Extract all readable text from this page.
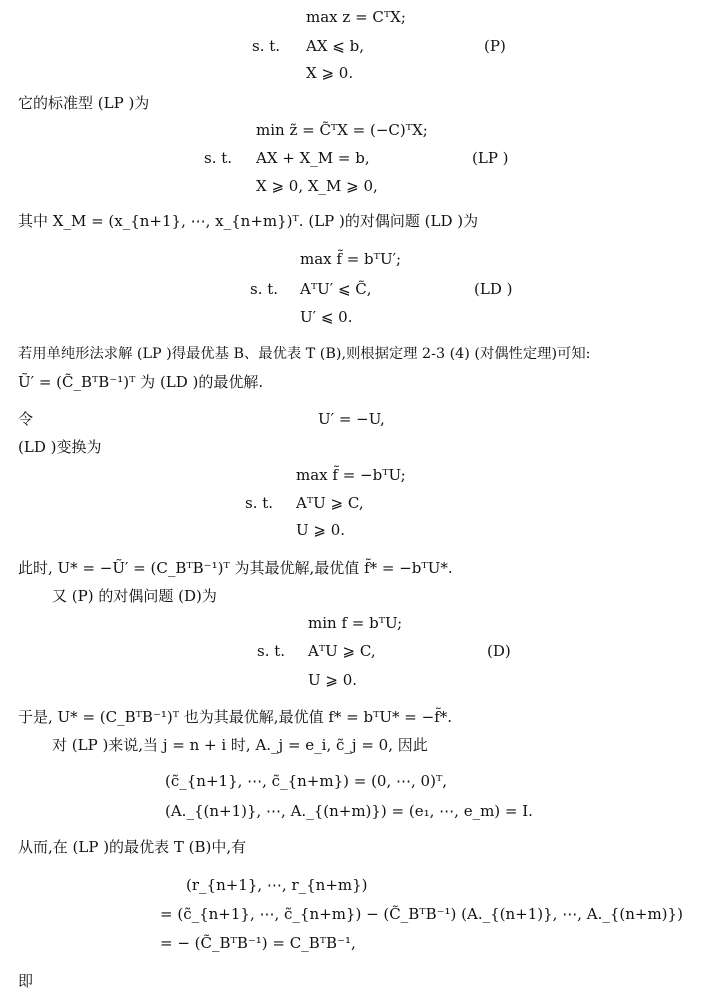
max z = CᵀX;
s. t. AX ⩽ b,	(P)
X ⩾ 0.
它的标准型 (LP )为
min z̃ = C̃ᵀX = (−C)ᵀX;
s. t. AX + X_M = b,	(LP )
X ⩾ 0, X_M ⩾ 0,
其中 X_M = (x_{n+1}, ⋯, x_{n+m})ᵀ. (LP )的对偶问题 (LD )为
max f̃ = bᵀU′;
s. t. AᵀU′ ⩽ C̃,	(LD )
U′ ⩽ 0.
若用单纯形法求解 (LP )得最优基 B、最优表 T (B),则根据定理 2-3 (4) (对偶性定理)可知:
Ũ′ = (C̃_BᵀB⁻¹)ᵀ 为 (LD )的最优解.
令	U′ = −U,
(LD )变换为
max f̃ = −bᵀU;
s. t. AᵀU ⩾ C,
U ⩾ 0.
此时, U* = −Ũ′ = (C_BᵀB⁻¹)ᵀ 为其最优解,最优值 f̃* = −bᵀU*.
又 (P) 的对偶问题 (D)为
min f = bᵀU;
s. t. AᵀU ⩾ C,	(D)
U ⩾ 0.
于是, U* = (C_BᵀB⁻¹)ᵀ 也为其最优解,最优值 f* = bᵀU* = −f̃*.
对 (LP )来说,当 j = n + i 时, A._j = e_i, c̃_j = 0, 因此
(c̃_{n+1}, ⋯, c̃_{n+m}) = (0, ⋯, 0)ᵀ,
(A._{(n+1)}, ⋯, A._{(n+m)}) = (e₁, ⋯, e_m) = I.
从而,在 (LP )的最优表 T (B)中,有
(r_{n+1}, ⋯, r_{n+m})
= (c̃_{n+1}, ⋯, c̃_{n+m}) − (C̃_BᵀB⁻¹) (A._{(n+1)}, ⋯, A._{(n+m)})
= − (C̃_BᵀB⁻¹) = C_BᵀB⁻¹,
即
